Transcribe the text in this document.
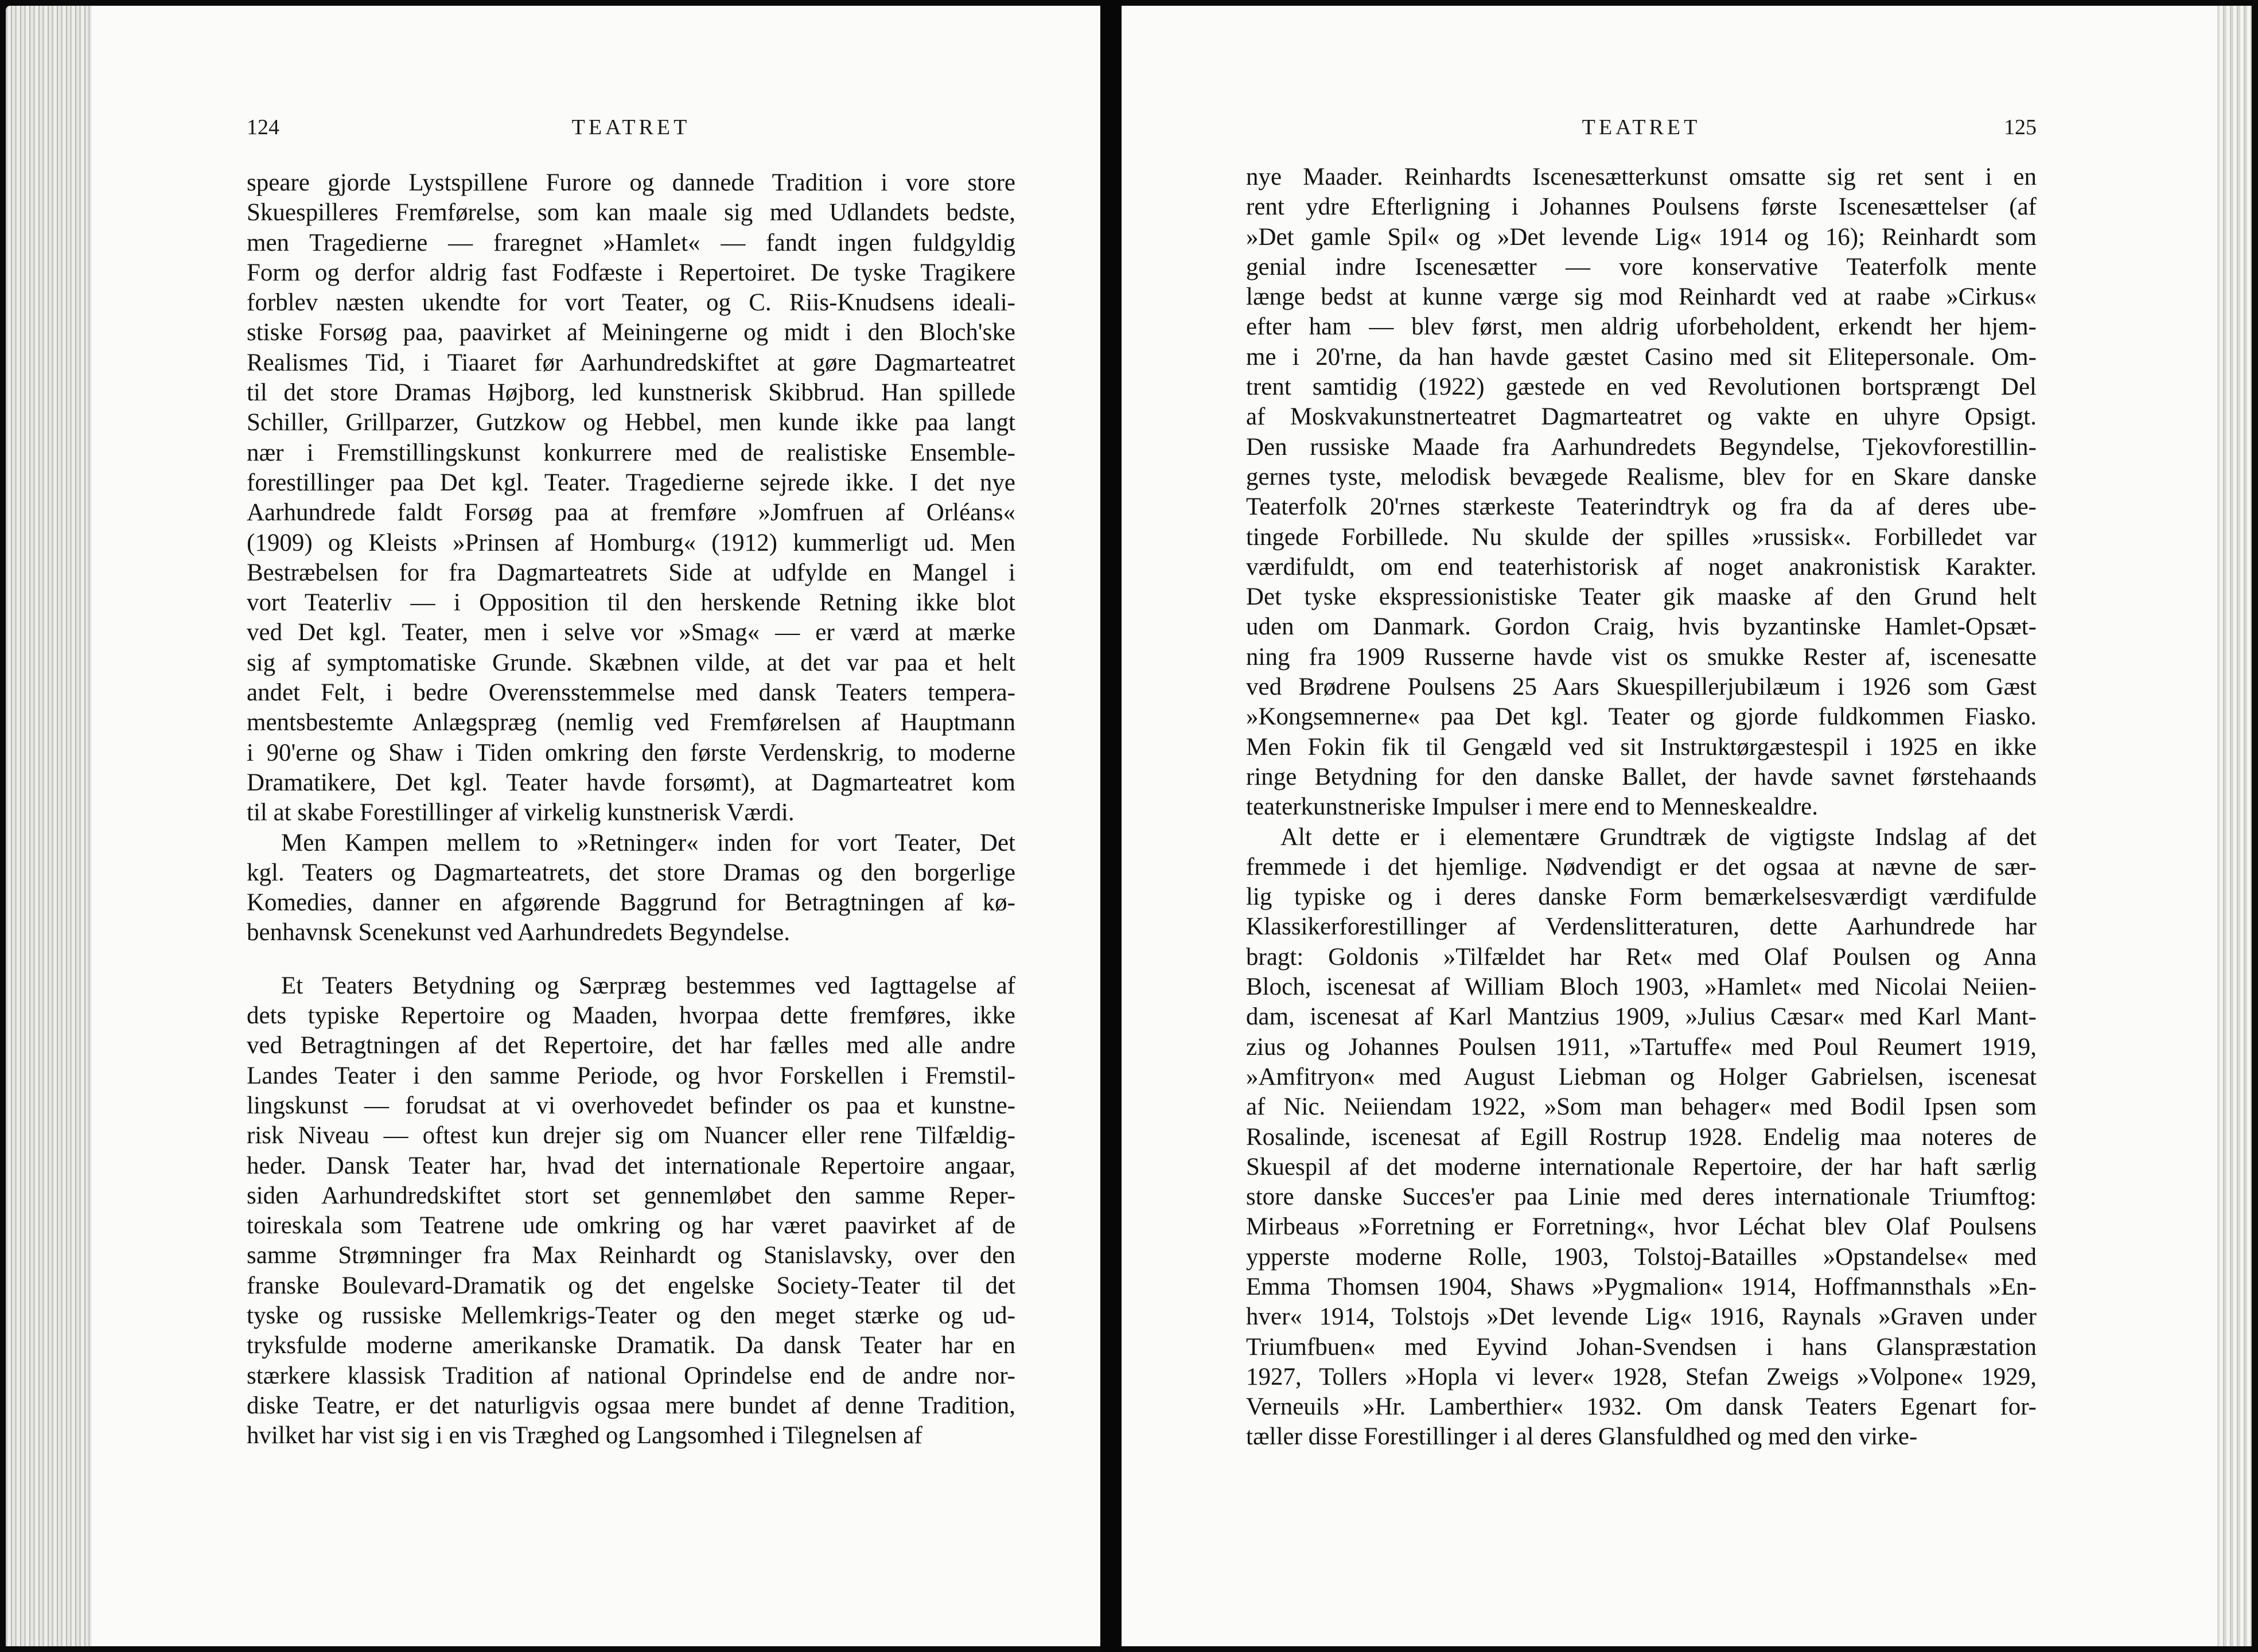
124	TEATRET
speare gjorde Lystspillene Furore og dannede Tradition i vore store
Skuespilleres Fremførelse, som kan maale sig med Udlandets bedste,
men Tragedierne — fraregnet »Hamlet« — fandt ingen fuldgyldig
Form og derfor aldrig fast Fodfæste i Repertoiret. De tyske Tragikere
forblev næsten ukendte for vort Teater, og C. Riis-Knudsens ideali-
stiske Forsøg paa, paavirket af Meiningerne og midt i den Bloch'ske
Realismes Tid, i Tiaaret før Aarhundredskiftet at gøre Dagmarteatret
til det store Dramas Højborg, led kunstnerisk Skibbrud. Han spillede
Schiller, Grillparzer, Gutzkow og Hebbel, men kunde ikke paa langt
nær i Fremstillingskunst konkurrere med de realistiske Ensemble-
forestillinger paa Det kgl. Teater. Tragedierne sejrede ikke. I det nye
Aarhundrede faldt Forsøg paa at fremføre »Jomfruen af Orléans«
(1909) og Kleists »Prinsen af Homburg« (1912) kummerligt ud. Men
Bestræbelsen for fra Dagmarteatrets Side at udfylde en Mangel i
vort Teaterliv — i Opposition til den herskende Retning ikke blot
ved Det kgl. Teater, men i selve vor »Smag« — er værd at mærke
sig af symptomatiske Grunde. Skæbnen vilde, at det var paa et helt
andet Felt, i bedre Overensstemmelse med dansk Teaters tempera-
mentsbestemte Anlægspræg (nemlig ved Fremførelsen af Hauptmann
i 90'erne og Shaw i Tiden omkring den første Verdenskrig, to moderne
Dramatikere, Det kgl. Teater havde forsømt), at Dagmarteatret kom
til at skabe Forestillinger af virkelig kunstnerisk Værdi.
Men Kampen mellem to »Retninger« inden for vort Teater, Det
kgl. Teaters og Dagmarteatrets, det store Dramas og den borgerlige
Komedies, danner en afgørende Baggrund for Betragtningen af kø-
benhavnsk Scenekunst ved Aarhundredets Begyndelse.
Et Teaters Betydning og Særpræg bestemmes ved Iagttagelse af
dets typiske Repertoire og Maaden, hvorpaa dette fremføres, ikke
ved Betragtningen af det Repertoire, det har fælles med alle andre
Landes Teater i den samme Periode, og hvor Forskellen i Fremstil-
lingskunst — forudsat at vi overhovedet befinder os paa et kunstne-
risk Niveau — oftest kun drejer sig om Nuancer eller rene Tilfældig-
heder. Dansk Teater har, hvad det internationale Repertoire angaar,
siden Aarhundredskiftet stort set gennemløbet den samme Reper-
toireskala som Teatrene ude omkring og har været paavirket af de
samme Strømninger fra Max Reinhardt og Stanislavsky, over den
franske Boulevard-Dramatik og det engelske Society-Teater til det
tyske og russiske Mellemkrigs-Teater og den meget stærke og ud-
tryksfulde moderne amerikanske Dramatik. Da dansk Teater har en
stærkere klassisk Tradition af national Oprindelse end de andre nor-
diske Teatre, er det naturligvis ogsaa mere bundet af denne Tradition,
hvilket har vist sig i en vis Træghed og Langsomhed i Tilegnelsen af
TEATRET	125
nye Maader. Reinhardts Iscenesætterkunst omsatte sig ret sent i en
rent ydre Efterligning i Johannes Poulsens første Iscenesættelser (af
»Det gamle Spil« og »Det levende Lig« 1914 og 16); Reinhardt som
genial indre Iscenesætter — vore konservative Teaterfolk mente
længe bedst at kunne værge sig mod Reinhardt ved at raabe »Cirkus«
efter ham — blev først, men aldrig uforbeholdent, erkendt her hjem-
me i 20'rne, da han havde gæstet Casino med sit Elitepersonale. Om-
trent samtidig (1922) gæstede en ved Revolutionen bortsprængt Del
af Moskvakunstnerteatret Dagmarteatret og vakte en uhyre Opsigt.
Den russiske Maade fra Aarhundredets Begyndelse, Tjekovforestillin-
gernes tyste, melodisk bevægede Realisme, blev for en Skare danske
Teaterfolk 20'rnes stærkeste Teaterindtryk og fra da af deres ube-
tingede Forbillede. Nu skulde der spilles »russisk«. Forbilledet var
værdifuldt, om end teaterhistorisk af noget anakronistisk Karakter.
Det tyske ekspressionistiske Teater gik maaske af den Grund helt
uden om Danmark. Gordon Craig, hvis byzantinske Hamlet-Opsæt-
ning fra 1909 Russerne havde vist os smukke Rester af, iscenesatte
ved Brødrene Poulsens 25 Aars Skuespillerjubilæum i 1926 som Gæst
»Kongsemnerne« paa Det kgl. Teater og gjorde fuldkommen Fiasko.
Men Fokin fik til Gengæld ved sit Instruktørgæstespil i 1925 en ikke
ringe Betydning for den danske Ballet, der havde savnet førstehaands
teaterkunstneriske Impulser i mere end to Menneskealdre.
Alt dette er i elementære Grundtræk de vigtigste Indslag af det
fremmede i det hjemlige. Nødvendigt er det ogsaa at nævne de sær-
lig typiske og i deres danske Form bemærkelsesværdigt værdifulde
Klassikerforestillinger af Verdenslitteraturen, dette Aarhundrede har
bragt: Goldonis »Tilfældet har Ret« med Olaf Poulsen og Anna
Bloch, iscenesat af William Bloch 1903, »Hamlet« med Nicolai Neiien-
dam, iscenesat af Karl Mantzius 1909, »Julius Cæsar« med Karl Mant-
zius og Johannes Poulsen 1911, »Tartuffe« med Poul Reumert 1919,
»Amfitryon« med August Liebman og Holger Gabrielsen, iscenesat
af Nic. Neiiendam 1922, »Som man behager« med Bodil Ipsen som
Rosalinde, iscenesat af Egill Rostrup 1928. Endelig maa noteres de
Skuespil af det moderne internationale Repertoire, der har haft særlig
store danske Succes'er paa Linie med deres internationale Triumftog:
Mirbeaus »Forretning er Forretning«, hvor Léchat blev Olaf Poulsens
ypperste moderne Rolle, 1903, Tolstoj-Batailles »Opstandelse« med
Emma Thomsen 1904, Shaws »Pygmalion« 1914, Hoffmannsthals »En-
hver« 1914, Tolstojs »Det levende Lig« 1916, Raynals »Graven under
Triumfbuen« med Eyvind Johan-Svendsen i hans Glanspræstation
1927, Tollers »Hopla vi lever« 1928, Stefan Zweigs »Volpone« 1929,
Verneuils »Hr. Lamberthier« 1932. Om dansk Teaters Egenart for-
tæller disse Forestillinger i al deres Glansfuldhed og med den virke-
